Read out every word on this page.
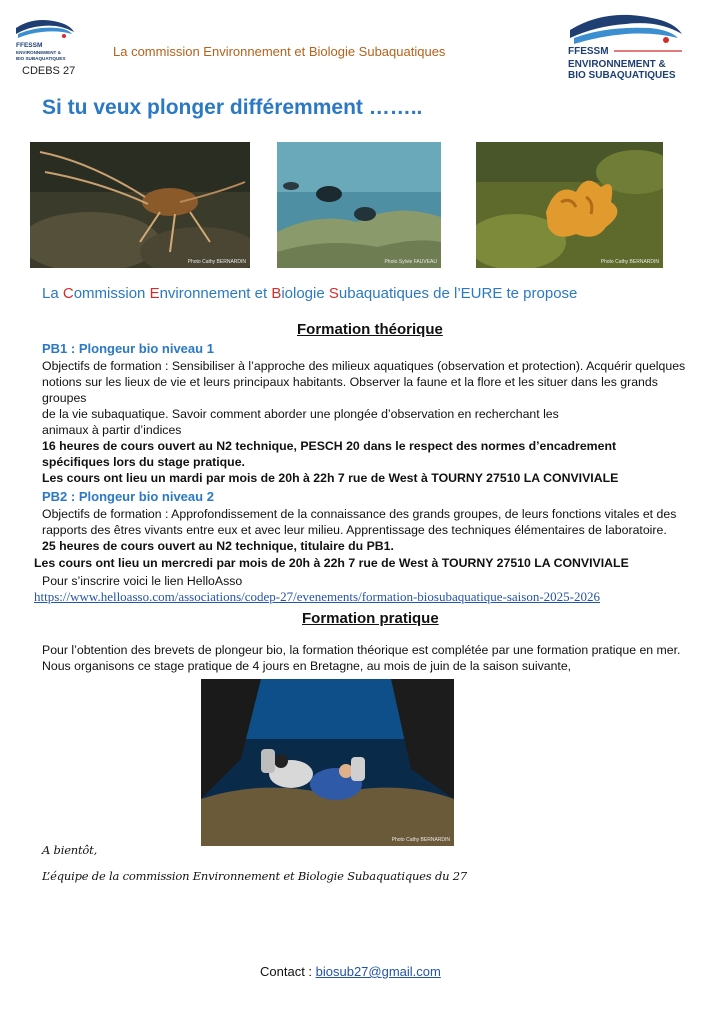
FFESSM
ENVIRONNEMENT &
BIO SUBAQUATIQUES
CDEBS 27
La commission Environnement et Biologie Subaquatiques	FFESSM
ENVIRONNEMENT &
BIO SUBAQUATIQUES
Si tu veux plonger différemment ……..
Photo Cathy BERNARDIN	Photo Sylvie FAUVEAU	Photo Cathy BERNARDIN
La Commission Environnement et Biologie Subaquatiques de l’EURE te propose
Formation théorique
PB1 : Plongeur bio niveau 1
Objectifs de formation : Sensibiliser à l’approche des milieux aquatiques (observation et protection). Acquérir quelques
notions sur les lieux de vie et leurs principaux habitants. Observer la faune et la flore et les situer dans les grands groupes
de la vie subaquatique. Savoir comment aborder une plongée d’observation en recherchant les
animaux à partir d’indices
16 heures de cours ouvert au N2 technique, PESCH 20 dans le respect des normes d’encadrement
spécifiques lors du stage pratique.
Les cours ont lieu un mardi par mois de 20h à 22h 7 rue de West à TOURNY 27510 LA CONVIVIALE
PB2 : Plongeur bio niveau 2
Objectifs de formation : Approfondissement de la connaissance des grands groupes, de leurs fonctions vitales et des
rapports des êtres vivants entre eux et avec leur milieu. Apprentissage des techniques élémentaires de laboratoire.
25 heures de cours ouvert au N2 technique, titulaire du PB1.
Les cours ont lieu un mercredi par mois de 20h à 22h 7 rue de West à TOURNY 27510 LA CONVIVIALE
Pour s’inscrire voici le lien HelloAsso
https://www.helloasso.com/associations/codep-27/evenements/formation-biosubaquatique-saison-2025-2026
Formation pratique
Pour l’obtention des brevets de plongeur bio, la formation théorique est complétée par une formation pratique en mer.
Nous organisons ce stage pratique de 4 jours en Bretagne, au mois de juin de la saison suivante,
Photo Cathy BERNARDIN
A bientôt,
L’équipe de la commission Environnement et Biologie Subaquatiques du 27
Contact : biosub27@gmail.com
